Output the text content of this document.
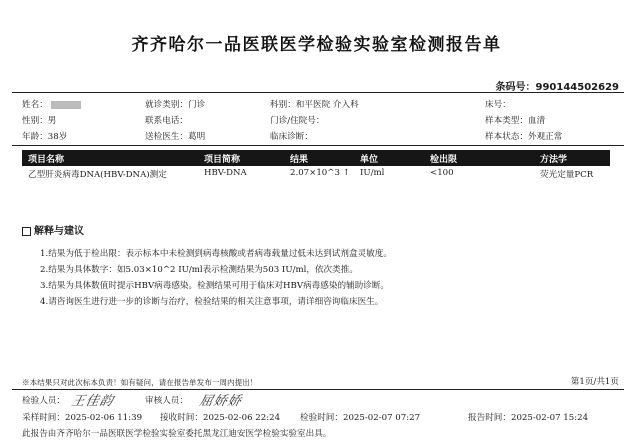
齐齐哈尔一品医联医学检验实验室检测报告单
条码号：990144502629
姓名：
性别：男
年龄：38岁
就诊类别：门诊
联系电话：
送检医生：葛明
科别：和平医院 介入科
门诊/住院号：
临床诊断：
床号：
样本类型：血清
样本状态：外观正常
项目名称	项目简称	结果	单位	检出限	方法学
乙型肝炎病毒DNA(HBV-DNA)测定	HBV-DNA	2.07×10^3 ↑ IU/ml	<100	荧光定量PCR
解释与建议
1.结果为低于检出限：表示标本中未检测到病毒核酸或者病毒载量过低未达到试剂盒灵敏度。
2.结果为具体数字：如5.03×10^2 IU/ml表示检测结果为503 IU/ml，依次类推。
3.结果为具体数值时提示HBV病毒感染。检测结果可用于临床对HBV病毒感染的辅助诊断。
4.请咨询医生进行进一步的诊断与治疗，检验结果的相关注意事项，请详细咨询临床医生。
※本结果只对此次标本负责！如有疑问，请在报告单发布一周内提出！	第1页/共1页
检验人员： 王佳韵	审核人员： 屈娇娇
采样时间：2025-02-06 11:39 接收时间：2025-02-06 22:24 检验时间：2025-02-07 07:27	报告时间：2025-02-07 15:24
此报告由齐齐哈尔一品医联医学检验实验室委托黑龙江迪安医学检验实验室出具。
